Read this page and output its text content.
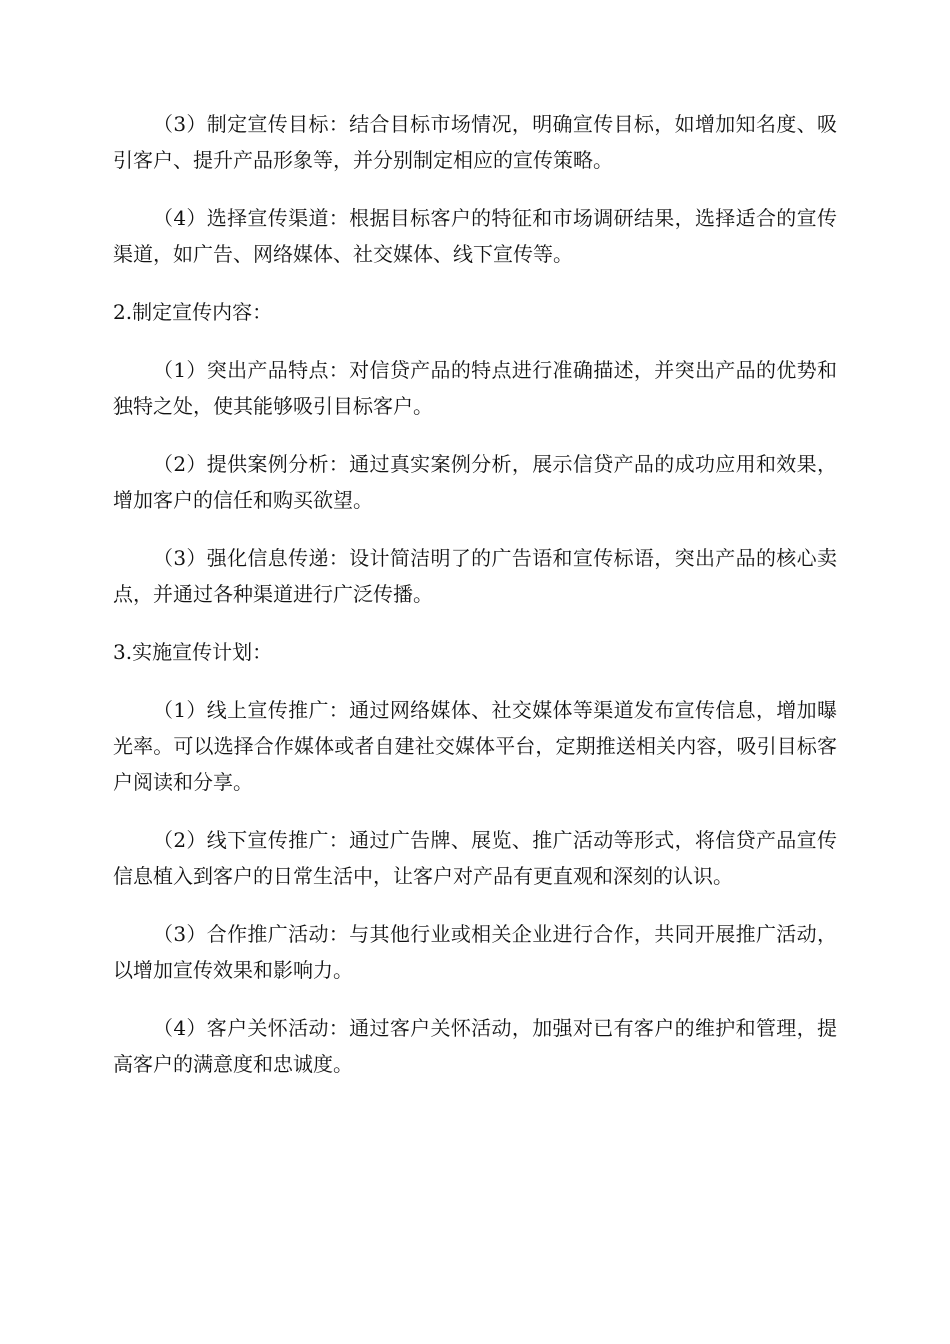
（3）制定宣传目标：结合目标市场情况，明确宣传目标，如增加知名度、吸引客户、提升产品形象等，并分别制定相应的宣传策略。

（4）选择宣传渠道：根据目标客户的特征和市场调研结果，选择适合的宣传渠道，如广告、网络媒体、社交媒体、线下宣传等。

2.制定宣传内容：

（1）突出产品特点：对信贷产品的特点进行准确描述，并突出产品的优势和独特之处，使其能够吸引目标客户。

（2）提供案例分析：通过真实案例分析，展示信贷产品的成功应用和效果，增加客户的信任和购买欲望。

（3）强化信息传递：设计简洁明了的广告语和宣传标语，突出产品的核心卖点，并通过各种渠道进行广泛传播。

3.实施宣传计划：

（1）线上宣传推广：通过网络媒体、社交媒体等渠道发布宣传信息，增加曝光率。可以选择合作媒体或者自建社交媒体平台，定期推送相关内容，吸引目标客户阅读和分享。

（2）线下宣传推广：通过广告牌、展览、推广活动等形式，将信贷产品宣传信息植入到客户的日常生活中，让客户对产品有更直观和深刻的认识。

（3）合作推广活动：与其他行业或相关企业进行合作，共同开展推广活动，以增加宣传效果和影响力。

（4）客户关怀活动：通过客户关怀活动，加强对已有客户的维护和管理，提高客户的满意度和忠诚度。
